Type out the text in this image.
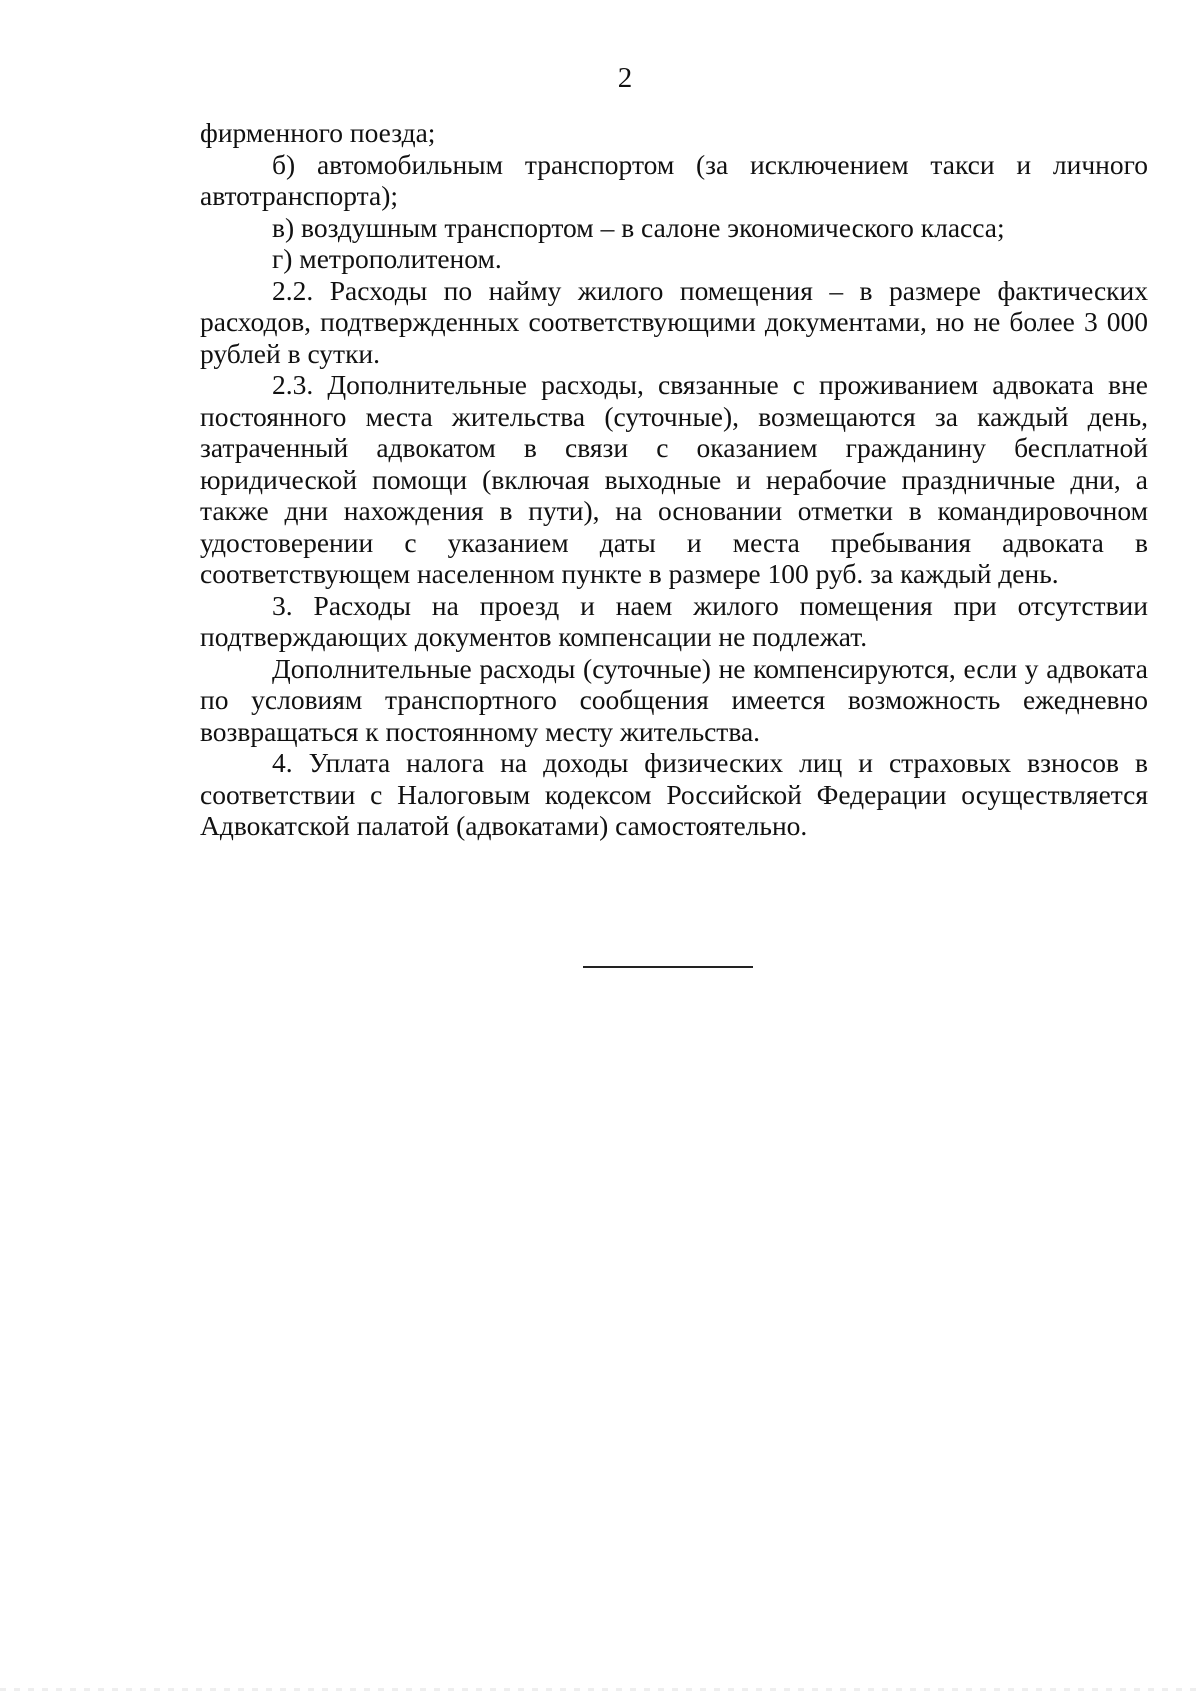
2

фирменного поезда;

б) автомобильным транспортом (за исключением такси и личного автотранспорта);

в) воздушным транспортом – в салоне экономического класса;

г) метрополитеном.

2.2. Расходы по найму жилого помещения – в размере фактических расходов, подтвержденных соответствующими документами, но не более 3 000 рублей в сутки.

2.3. Дополнительные расходы, связанные с проживанием адвоката вне постоянного места жительства (суточные), возмещаются за каждый день, затраченный адвокатом в связи с оказанием гражданину бесплатной юридической помощи (включая выходные и нерабочие праздничные дни, а также дни нахождения в пути), на основании отметки в командировочном удостоверении с указанием даты и места пребывания адвоката в соответствующем населенном пункте в размере 100 руб. за каждый день.

3. Расходы на проезд и наем жилого помещения при отсутствии подтверждающих документов компенсации не подлежат.

Дополнительные расходы (суточные) не компенсируются, если у адвоката по условиям транспортного сообщения имеется возможность ежедневно возвращаться к постоянному месту жительства.

4. Уплата налога на доходы физических лиц и страховых взносов в соответствии с Налоговым кодексом Российской Федерации осуществляется Адвокатской палатой (адвокатами) самостоятельно.
